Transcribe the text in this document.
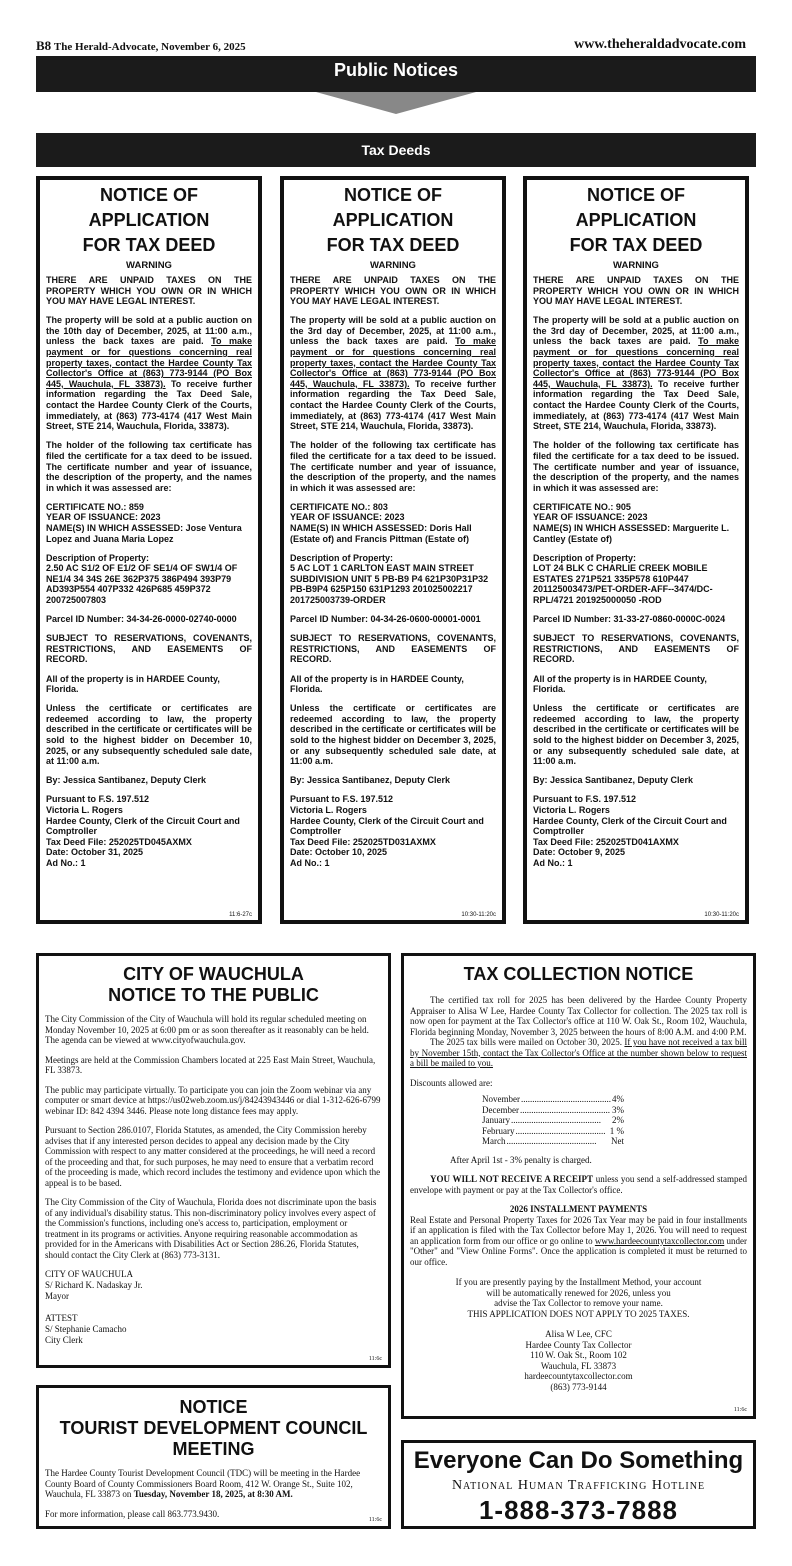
B8 The Herald-Advocate, November 6, 2025	www.theheraldadvocate.com
Public Notices
Tax Deeds
NOTICE OF
APPLICATION
FOR TAX DEED
WARNING

THERE ARE UNPAID TAXES ON THE PROPERTY WHICH YOU OWN OR IN WHICH YOU MAY HAVE LEGAL INTEREST.

The property will be sold at a public auction on the 10th day of December, 2025, at 11:00 a.m., unless the back taxes are paid. To make payment or for questions concerning real property taxes, contact the Hardee County Tax Collector's Office at (863) 773-9144 (PO Box 445, Wauchula, FL 33873). To receive further information regarding the Tax Deed Sale, contact the Hardee County Clerk of the Courts, immediately, at (863) 773-4174 (417 West Main Street, STE 214, Wauchula, Florida, 33873).

The holder of the following tax certificate has filed the certificate for a tax deed to be issued. The certificate number and year of issuance, the description of the property, and the names in which it was assessed are:

CERTIFICATE NO.: 859
YEAR OF ISSUANCE: 2023
NAME(S) IN WHICH ASSESSED: Jose Ventura Lopez and Juana Maria Lopez

Description of Property:
2.50 AC S1/2 OF E1/2 OF SE1/4 OF SW1/4 OF NE1/4 34 34S 26E 362P375 386P494 393P79 AD393P554 407P332 426P685 459P372 200725007803

Parcel ID Number: 34-34-26-0000-02740-0000

SUBJECT TO RESERVATIONS, COVENANTS, RESTRICTIONS, AND EASEMENTS OF RECORD.

All of the property is in HARDEE County, Florida.

Unless the certificate or certificates are redeemed according to law, the property described in the certificate or certificates will be sold to the highest bidder on December 10, 2025, or any subsequently scheduled sale date, at 11:00 a.m.

By: Jessica Santibanez, Deputy Clerk

Pursuant to F.S. 197.512
Victoria L. Rogers
Hardee County, Clerk of the Circuit Court and Comptroller
Tax Deed File: 252025TD045AXMX
Date: October 31, 2025
Ad No.: 1

11:6-27c
NOTICE OF
APPLICATION
FOR TAX DEED
WARNING

THERE ARE UNPAID TAXES ON THE PROPERTY WHICH YOU OWN OR IN WHICH YOU MAY HAVE LEGAL INTEREST.

The property will be sold at a public auction on the 3rd day of December, 2025, at 11:00 a.m., unless the back taxes are paid. To make payment or for questions concerning real property taxes, contact the Hardee County Tax Collector's Office at (863) 773-9144 (PO Box 445, Wauchula, FL 33873). To receive further information regarding the Tax Deed Sale, contact the Hardee County Clerk of the Courts, immediately, at (863) 773-4174 (417 West Main Street, STE 214, Wauchula, Florida, 33873).

The holder of the following tax certificate has filed the certificate for a tax deed to be issued. The certificate number and year of issuance, the description of the property, and the names in which it was assessed are:

CERTIFICATE NO.: 803
YEAR OF ISSUANCE: 2023
NAME(S) IN WHICH ASSESSED: Doris Hall (Estate of) and Francis Pittman (Estate of)

Description of Property:
5 AC LOT 1 CARLTON EAST MAIN STREET SUBDIVISION UNIT 5 PB-B9 P4 621P30P31P32 PB-B9P4 625P150 631P1293 201025002217 201725003739-ORDER

Parcel ID Number: 04-34-26-0600-00001-0001

SUBJECT TO RESERVATIONS, COVENANTS, RESTRICTIONS, AND EASEMENTS OF RECORD.

All of the property is in HARDEE County, Florida.

Unless the certificate or certificates are redeemed according to law, the property described in the certificate or certificates will be sold to the highest bidder on December 3, 2025, or any subsequently scheduled sale date, at 11:00 a.m.

By: Jessica Santibanez, Deputy Clerk

Pursuant to F.S. 197.512
Victoria L. Rogers
Hardee County, Clerk of the Circuit Court and Comptroller
Tax Deed File: 252025TD031AXMX
Date: October 10, 2025
Ad No.: 1

10:30-11:20c
NOTICE OF
APPLICATION
FOR TAX DEED
WARNING

THERE ARE UNPAID TAXES ON THE PROPERTY WHICH YOU OWN OR IN WHICH YOU MAY HAVE LEGAL INTEREST.

The property will be sold at a public auction on the 3rd day of December, 2025, at 11:00 a.m., unless the back taxes are paid. To make payment or for questions concerning real property taxes, contact the Hardee County Tax Collector's Office at (863) 773-9144 (PO Box 445, Wauchula, FL 33873). To receive further information regarding the Tax Deed Sale, contact the Hardee County Clerk of the Courts, immediately, at (863) 773-4174 (417 West Main Street, STE 214, Wauchula, Florida, 33873).

The holder of the following tax certificate has filed the certificate for a tax deed to be issued. The certificate number and year of issuance, the description of the property, and the names in which it was assessed are:

CERTIFICATE NO.: 905
YEAR OF ISSUANCE: 2023
NAME(S) IN WHICH ASSESSED: Marguerite L. Cantley (Estate of)

Description of Property:
LOT 24 BLK C CHARLIE CREEK MOBILE ESTATES 271P521 335P578 610P447 201125003473/PET-ORDER-AFF--3474/DC-RPL/4721 201925000050 -ROD

Parcel ID Number: 31-33-27-0860-0000C-0024

SUBJECT TO RESERVATIONS, COVENANTS, RESTRICTIONS, AND EASEMENTS OF RECORD.

All of the property is in HARDEE County, Florida.

Unless the certificate or certificates are redeemed according to law, the property described in the certificate or certificates will be sold to the highest bidder on December 3, 2025, or any subsequently scheduled sale date, at 11:00 a.m.

By: Jessica Santibanez, Deputy Clerk

Pursuant to F.S. 197.512
Victoria L. Rogers
Hardee County, Clerk of the Circuit Court and Comptroller
Tax Deed File: 252025TD041AXMX
Date: October 9, 2025
Ad No.: 1

10:30-11:20c
CITY OF WAUCHULA
NOTICE TO THE PUBLIC

The City Commission of the City of Wauchula will hold its regular scheduled meeting on Monday November 10, 2025 at 6:00 pm or as soon thereafter as it reasonably can be held. The agenda can be viewed at www.cityofwauchula.gov.

Meetings are held at the Commission Chambers located at 225 East Main Street, Wauchula, FL 33873.

The public may participate virtually. To participate you can join the Zoom webinar via any computer or smart device at https://us02web.zoom.us/j/84243943446 or dial 1-312-626-6799 webinar ID: 842 4394 3446. Please note long distance fees may apply.

Pursuant to Section 286.0107, Florida Statutes, as amended, the City Commission hereby advises that if any interested person decides to appeal any decision made by the City Commission with respect to any matter considered at the proceedings, he will need a record of the proceeding and that, for such purposes, he may need to ensure that a verbatim record of the proceeding is made, which record includes the testimony and evidence upon which the appeal is to be based.

The City Commission of the City of Wauchula, Florida does not discriminate upon the basis of any individual's disability status. This non-discriminatory policy involves every aspect of the Commission's functions, including one's access to, participation, employment or treatment in its programs or activities. Anyone requiring reasonable accommodation as provided for in the Americans with Disabilities Act or Section 286.26, Florida Statutes, should contact the City Clerk at (863) 773-3131.

CITY OF WAUCHULA
S/ Richard K. Nadaskay Jr.
Mayor
ATTEST
S/ Stephanie Camacho
City Clerk
11:6c
NOTICE
TOURIST DEVELOPMENT COUNCIL
MEETING

The Hardee County Tourist Development Council (TDC) will be meeting in the Hardee County Board of County Commissioners Board Room, 412 W. Orange St., Suite 102, Wauchula, FL 33873 on Tuesday, November 18, 2025, at 8:30 AM.

For more information, please call 863.773.9430.

11:6c
TAX COLLECTION NOTICE

The certified tax roll for 2025 has been delivered by the Hardee County Property Appraiser to Alisa W Lee, Hardee County Tax Collector for collection. The 2025 tax roll is now open for payment at the Tax Collector's office at 110 W. Oak St., Room 102, Wauchula, Florida beginning Monday, November 3, 2025 between the hours of 8:00 A.M. and 4:00 P.M.

The 2025 tax bills were mailed on October 30, 2025. If you have not received a tax bill by November 15th, contact the Tax Collector's Office at the number shown below to request a bill be mailed to you.

Discounts allowed are:

November ........................................ 4%
December ........................................ 3%
January ........................................	2%
February ........................................ 1 %
March ........................................	Net

After April 1st - 3% penalty is charged.

YOU WILL NOT RECEIVE A RECEIPT unless you send a self-addressed stamped envelope with payment or pay at the Tax Collector's office.

2026 INSTALLMENT PAYMENTS

Real Estate and Personal Property Taxes for 2026 Tax Year may be paid in four installments if an application is filed with the Tax Collector before May 1, 2026. You will need to request an application form from our office or go online to www.hardeecountytaxcollector.com under "Other" and "View Online Forms". Once the application is completed it must be returned to our office.

If you are presently paying by the Installment Method, your account
will be automatically renewed for 2026, unless you
advise the Tax Collector to remove your name.
THIS APPLICATION DOES NOT APPLY TO 2025 TAXES.
Alisa W Lee, CFC
Hardee County Tax Collector
110 W. Oak St., Room 102
Wauchula, FL 33873
hardeecountytaxcollector.com
(863) 773-9144
11:6c
Everyone Can Do Something
National Human Trafficking Hotline
1-888-373-7888
